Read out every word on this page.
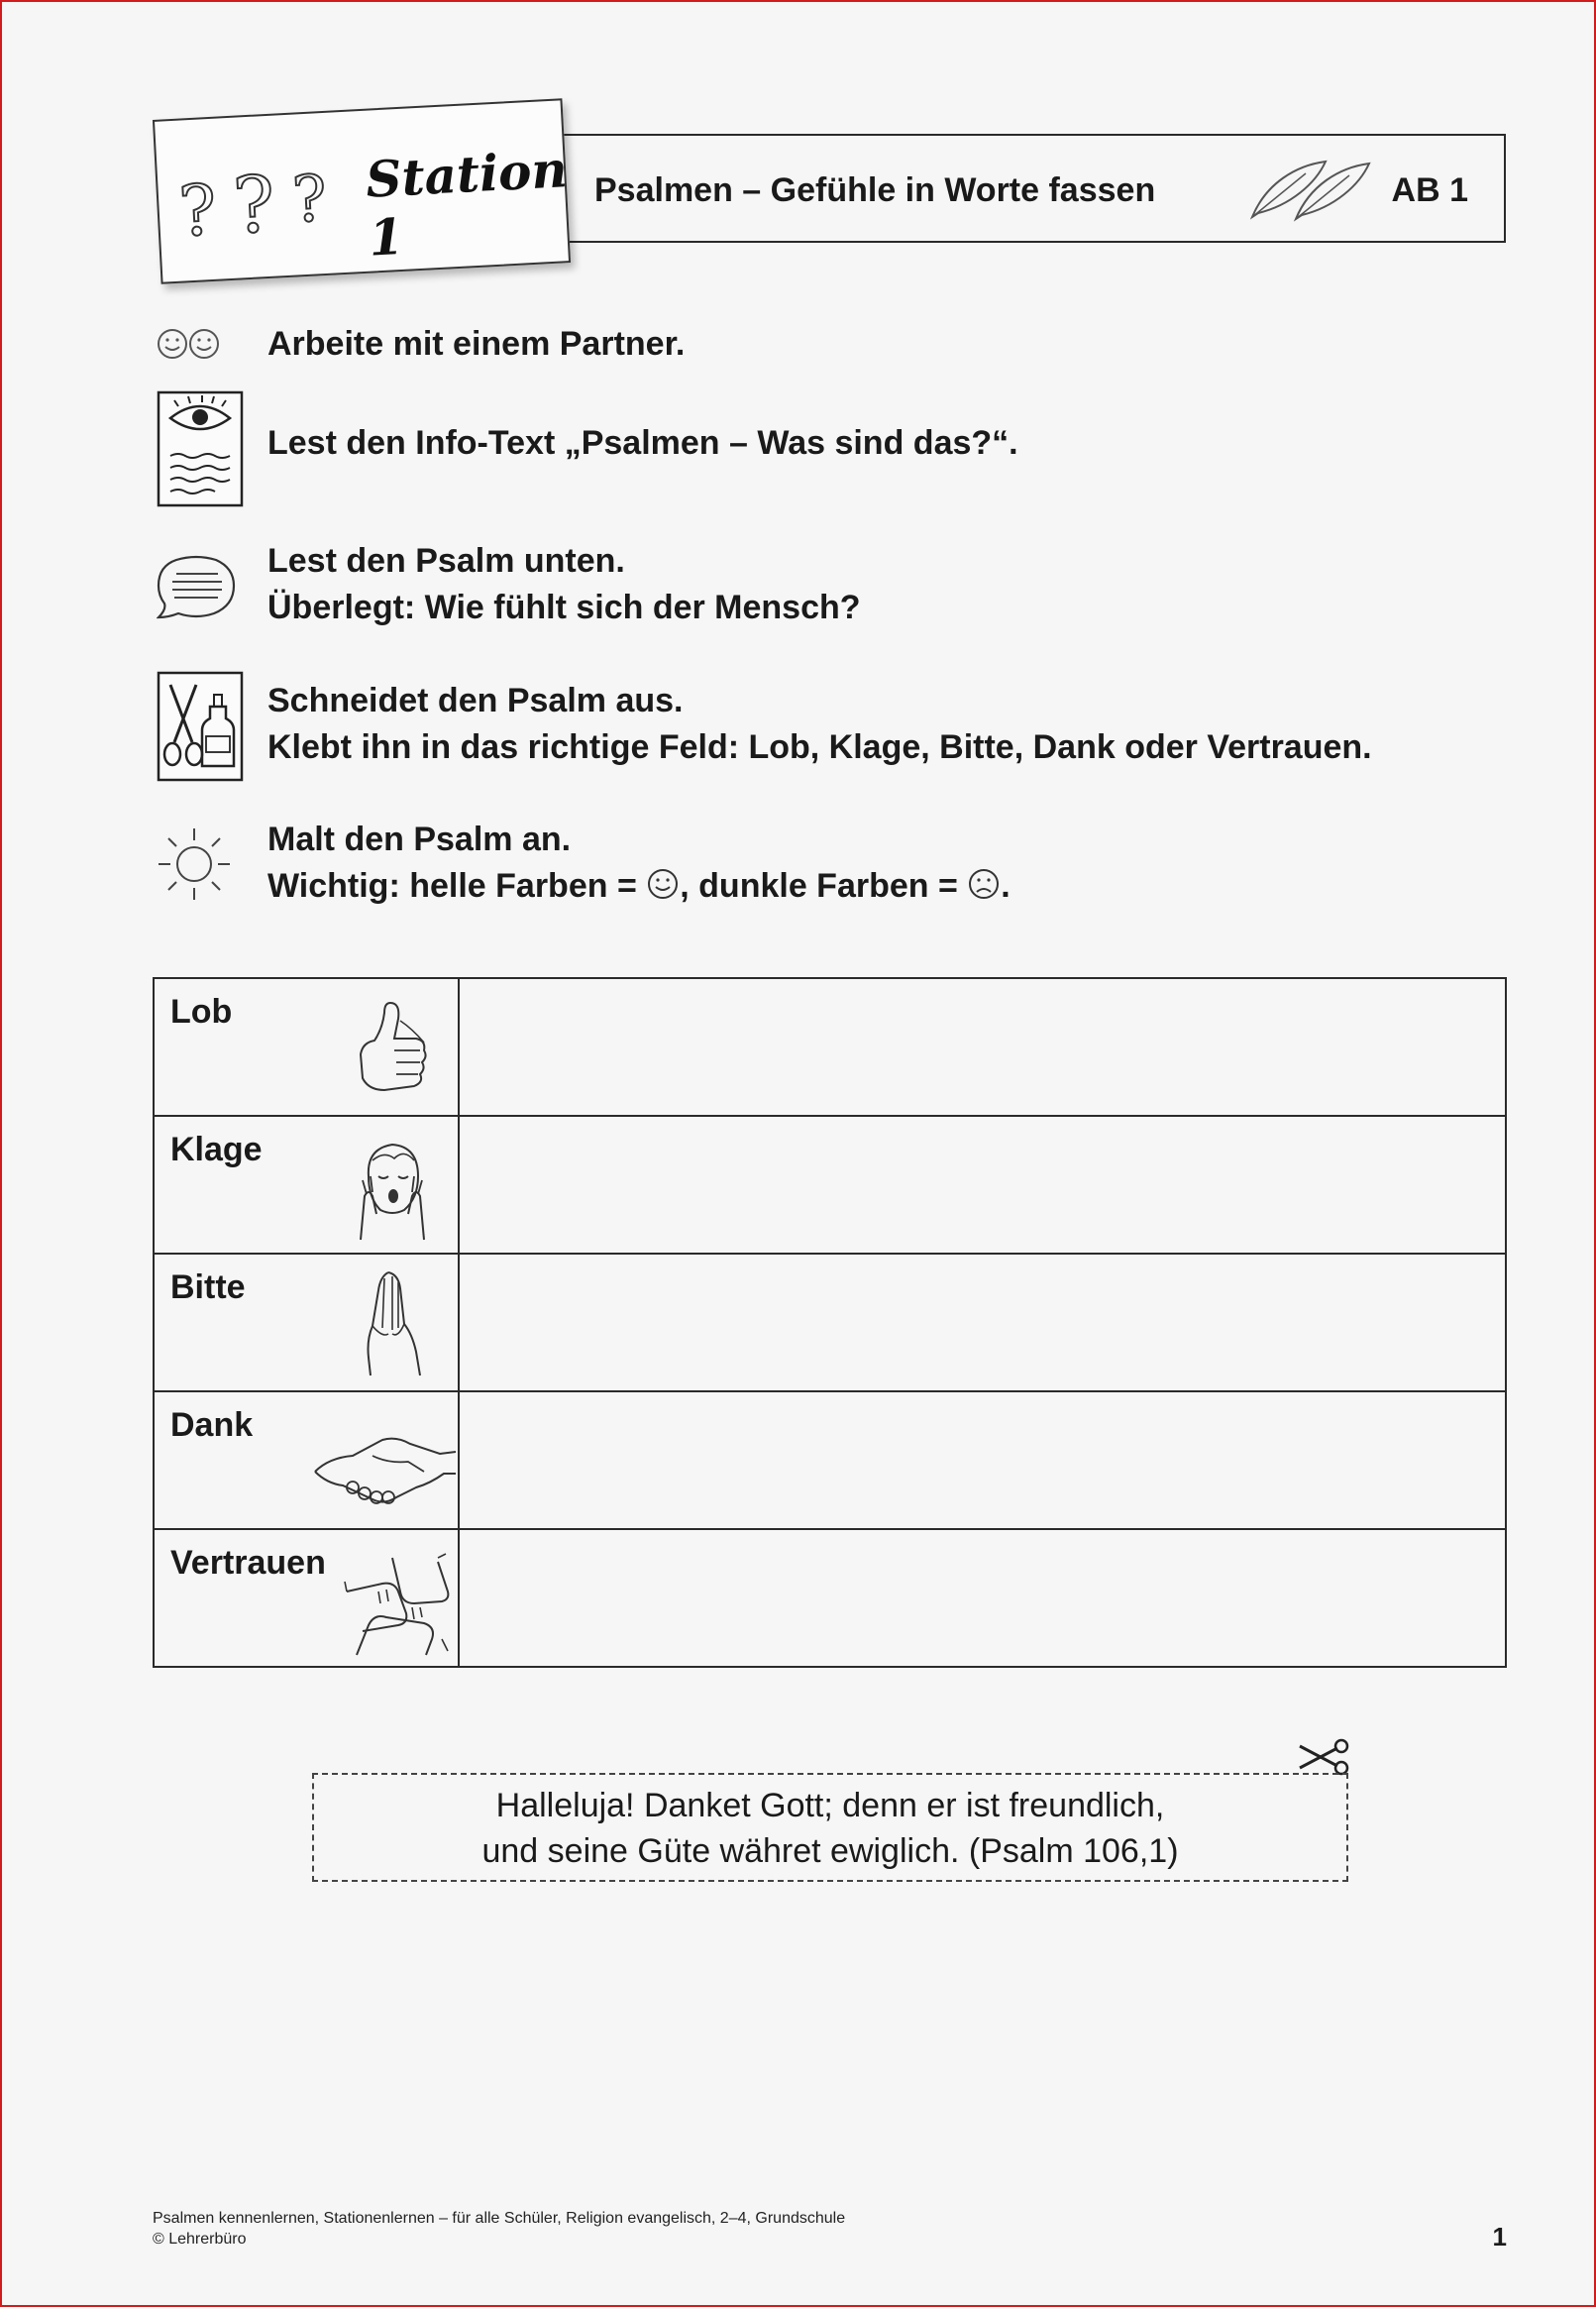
Psalmen – Gefühle in Worte fassen	AB 1
? ? ? Station 1
Arbeite mit einem Partner.
Lest den Info-Text „Psalmen – Was sind das?“.
Lest den Psalm unten.
Überlegt: Wie fühlt sich der Mensch?
Schneidet den Psalm aus.
Klebt ihn in das richtige Feld: Lob, Klage, Bitte, Dank oder Vertrauen.
Malt den Psalm an.
Wichtig: helle Farben = , dunkle Farben = .
Lob	

Klage	

Bitte	

Dank	

Vertrauen	

Halleluja! Danket Gott; denn er ist freundlich,
und seine Güte währet ewiglich. (Psalm 106,1)
Psalmen kennenlernen, Stationenlernen – für alle Schüler, Religion evangelisch, 2–4, Grundschule
© Lehrerbüro	1
